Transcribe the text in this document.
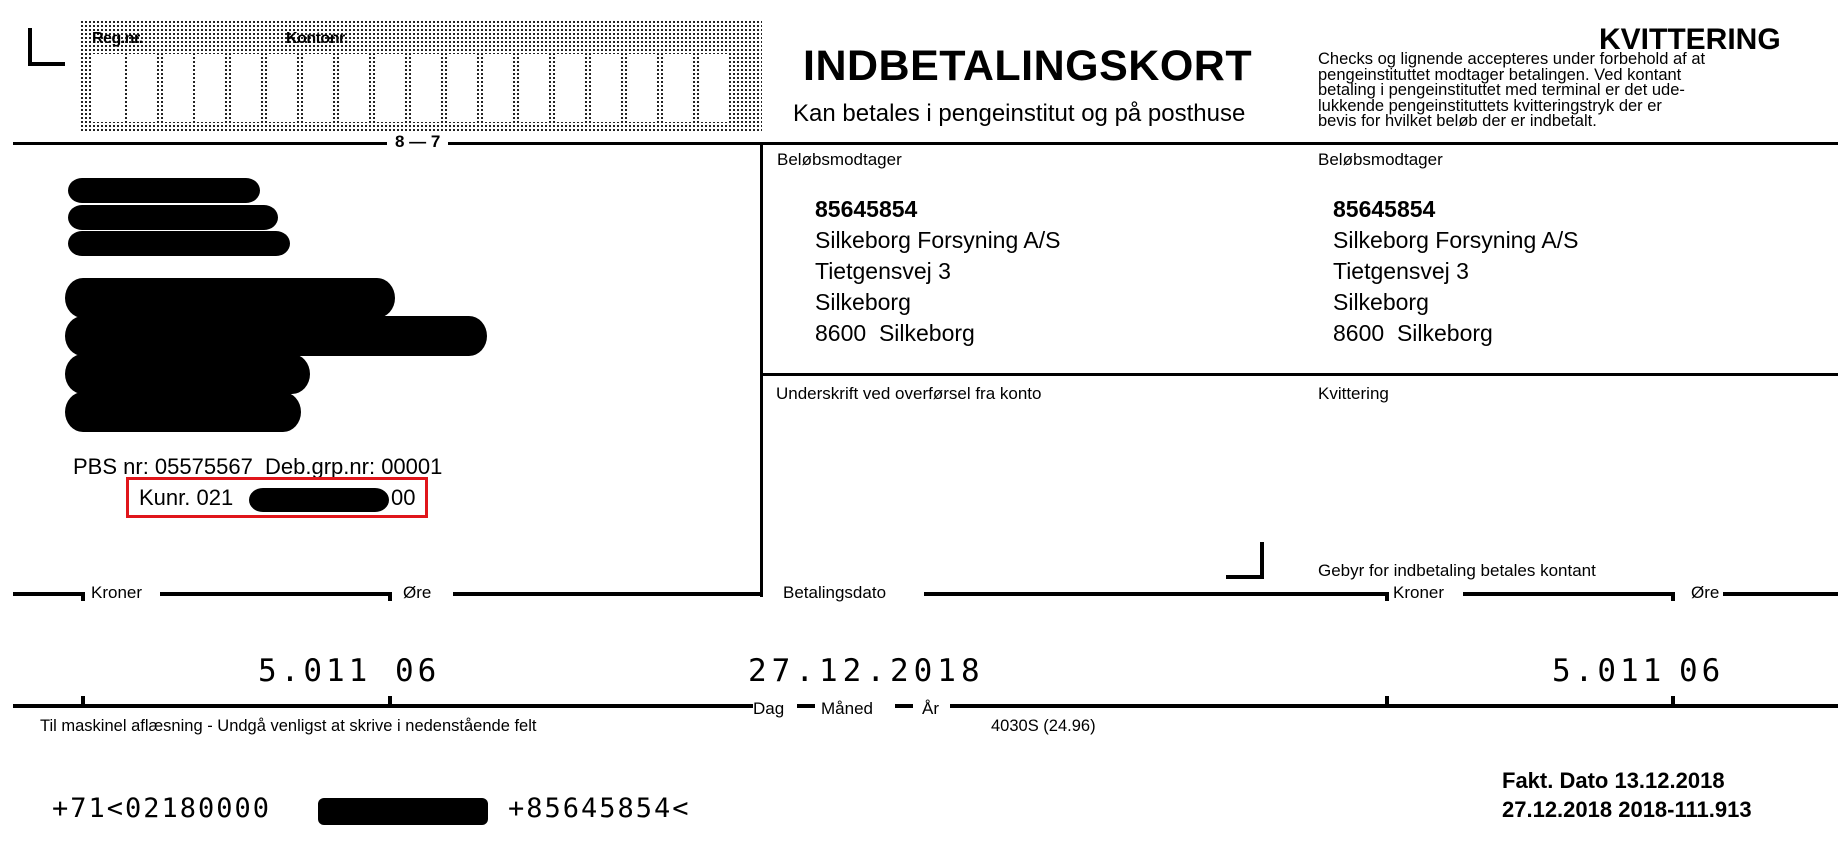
Reg.nr.	Kontonr.
INDBETALINGSKORT
Kan betales i pengeinstitut og på posthuse
KVITTERING
Checks og lignende accepteres under forbehold af at
pengeinstituttet modtager betalingen. Ved kontant
betaling i pengeinstituttet med terminal er det ude-
lukkende pengeinstituttets kvitteringstryk der er
bevis for hvilket beløb der er indbetalt.
8 — 7
PBS nr: 05575567  Deb.grp.nr: 00001
Kunr. 021	00
Beløbsmodtager
85645854
Silkeborg Forsyning A/S
Tietgensvej 3
Silkeborg
8600  Silkeborg
Beløbsmodtager
85645854
Silkeborg Forsyning A/S
Tietgensvej 3
Silkeborg
8600  Silkeborg
Underskrift ved overførsel fra konto	Kvittering
Gebyr for indbetaling betales kontant
Kroner	Øre	Betalingsdato	Kroner	Øre
5.011 06	27.12.2018	5.011 06
Dag Måned	År
Til maskinel aflæsning - Undgå venligst at skrive i nedenstående felt	4030S (24.96)
+71<02180000	+85645854<
Fakt. Dato 13.12.2018
27.12.2018 2018-111.913
